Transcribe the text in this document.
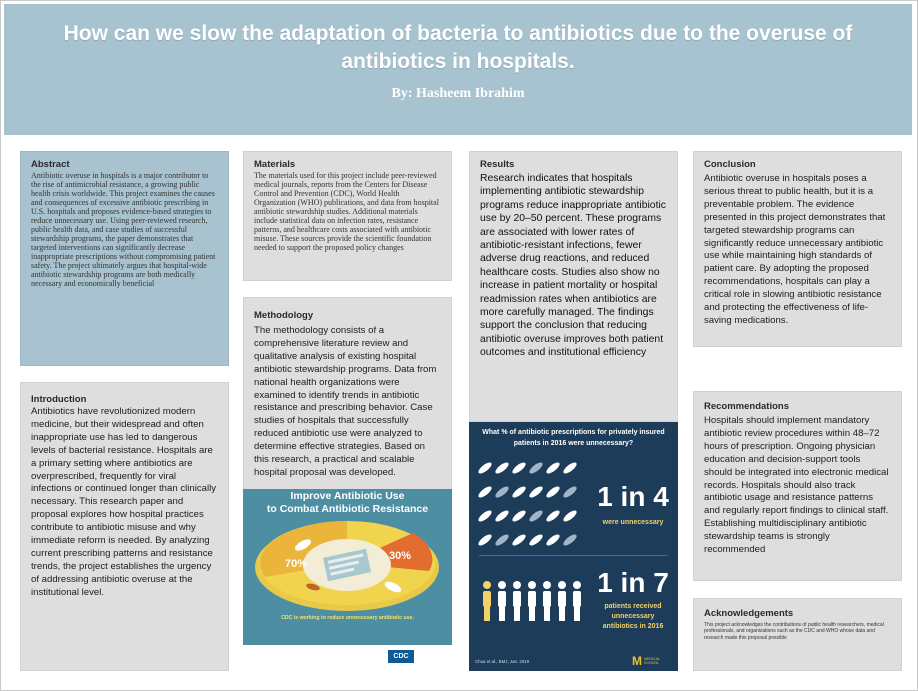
How can we slow the adaptation of bacteria to antibiotics due to the overuse of antibiotics in hospitals.
By: Hasheem Ibrahim
Abstract

Antibiotic overuse in hospitals is a major contributor to the rise of antimicrobial resistance, a growing public health crisis worldwide. This project examines the causes and consequences of excessive antibiotic prescribing in U.S. hospitals and proposes evidence-based strategies to reduce unnecessary use. Using peer-reviewed research, public health data, and case studies of successful stewardship programs, the paper demonstrates that targeted interventions can significantly decrease inappropriate prescriptions without compromising patient safety. The project ultimately argues that hospital-wide antibiotic stewardship programs are both medically necessary and economically beneficial

Introduction

Antibiotics have revolutionized modern medicine, but their widespread and often inappropriate use has led to dangerous levels of bacterial resistance. Hospitals are a primary setting where antibiotics are overprescribed, frequently for viral infections or continued longer than clinically necessary. This research paper and proposal explores how hospital practices contribute to antibiotic misuse and why immediate reform is needed. By analyzing current prescribing patterns and resistance trends, the project establishes the urgency of addressing antibiotic overuse at the institutional level.

Materials

The materials used for this project include peer-reviewed medical journals, reports from the Centers for Disease Control and Prevention (CDC), World Health Organization (WHO) publications, and data from hospital antibiotic stewardship studies. Additional materials include statistical data on infection rates, resistance patterns, and healthcare costs associated with antibiotic misuse. These sources provide the scientific foundation needed to support the proposed policy changes

Methodology

The methodology consists of a comprehensive literature review and qualitative analysis of existing hospital antibiotic stewardship programs. Data from national health organizations were examined to identify trends in antibiotic resistance and prescribing behavior. Case studies of hospitals that successfully reduced antibiotic use were analyzed to determine effective strategies. Based on this research, a practical and scalable hospital proposal was developed.

Improve Antibiotic Use
to Combat Antibiotic Resistance
70%
30%
CDC is working to reduce unnecessary antibiotic use.
CDC
Results

Research indicates that hospitals implementing antibiotic stewardship programs reduce inappropriate antibiotic use by 20–50 percent. These programs are associated with lower rates of antibiotic-resistant infections, fewer adverse drug reactions, and reduced healthcare costs. Studies also show no increase in patient mortality or hospital readmission rates when antibiotics are more carefully managed. The findings support the conclusion that reducing antibiotic overuse improves both patient outcomes and institutional efficiency

What % of antibiotic prescriptions for privately insured
patients in 2016 were unnecessary?
1 in 4
were unnecessary
1 in 7
patients received
unnecessary
antibiotics in 2016
Chua et al., BMJ, Jan. 2019	M MEDICAL SCHOOL
Conclusion

Antibiotic overuse in hospitals poses a serious threat to public health, but it is a preventable problem. The evidence presented in this project demonstrates that targeted stewardship programs can significantly reduce unnecessary antibiotic use while maintaining high standards of patient care. By adopting the proposed recommendations, hospitals can play a critical role in slowing antibiotic resistance and protecting the effectiveness of life-saving medications.

Recommendations

Hospitals should implement mandatory antibiotic review procedures within 48–72 hours of prescription. Ongoing physician education and decision-support tools should be integrated into electronic medical records. Hospitals should also track antibiotic usage and resistance patterns and regularly report findings to clinical staff. Establishing multidisciplinary antibiotic stewardship teams is strongly recommended

Acknowledgements

This project acknowledges the contributions of public health researchers, medical professionals, and organizations such as the CDC and WHO whose data and research made this proposal possible
